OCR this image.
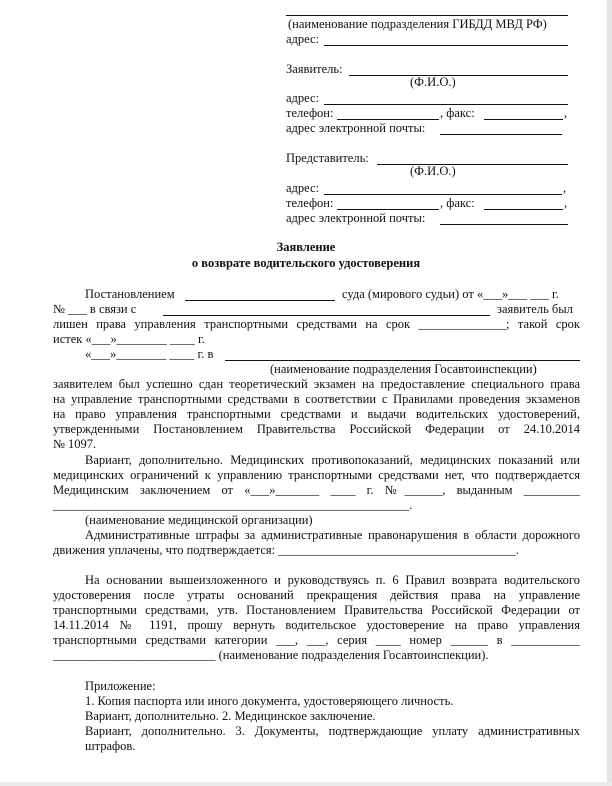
(наименование подразделения ГИБДД МВД РФ)
адрес:
Заявитель:
(Ф.И.О.)
адрес:
телефон:	, факс:	,
адрес электронной почты:
Представитель:
(Ф.И.О.)
адрес:	,
телефон:	, факс:	,
адрес электронной почты:
Заявление
о возврате водительского удостоверения
Постановлением	суда (мирового судьи) от «___»___ ___ г.
№ ___ в связи с	заявитель был
лишен права управления транспортными средствами на срок ______________; такой срок
истек «___»________ ____ г.
«___»________ ____ г. в
(наименование подразделения Госавтоинспекции)
заявителем был успешно сдан теоретический экзамен на предоставление специального права
на управление транспортными средствами в соответствии с Правилами проведения экзаменов
на право управления транспортными средствами и выдачи водительских удостоверений,
утвержденными Постановлением Правительства Российской Федерации от 24.10.2014
№ 1097.
Вариант, дополнительно. Медицинских противопоказаний, медицинских показаний или
медицинских ограничений к управлению транспортными средствами нет, что подтверждается
Медицинским заключением от «___»_______ ____ г. №______, выданным _________
_________________________________________________________.
(наименование медицинской организации)
Административные штрафы за административные правонарушения в области дорожного
движения уплачены, что подтверждается: ______________________________________.
На основании вышеизложенного и руководствуясь п. 6 Правил возврата водительского
удостоверения после утраты оснований прекращения действия права на управление
транспортными средствами, утв. Постановлением Правительства Российской Федерации от
14.11.2014 № 1191, прошу вернуть водительское удостоверение на право управления
транспортными средствами категории ___, ___, серия ____ номер ______ в ___________
__________________________ (наименование подразделения Госавтоинспекции).
Приложение:
1. Копия паспорта или иного документа, удостоверяющего личность.
Вариант, дополнительно. 2. Медицинское заключение.
Вариант, дополнительно. 3. Документы, подтверждающие уплату административных
штрафов.
